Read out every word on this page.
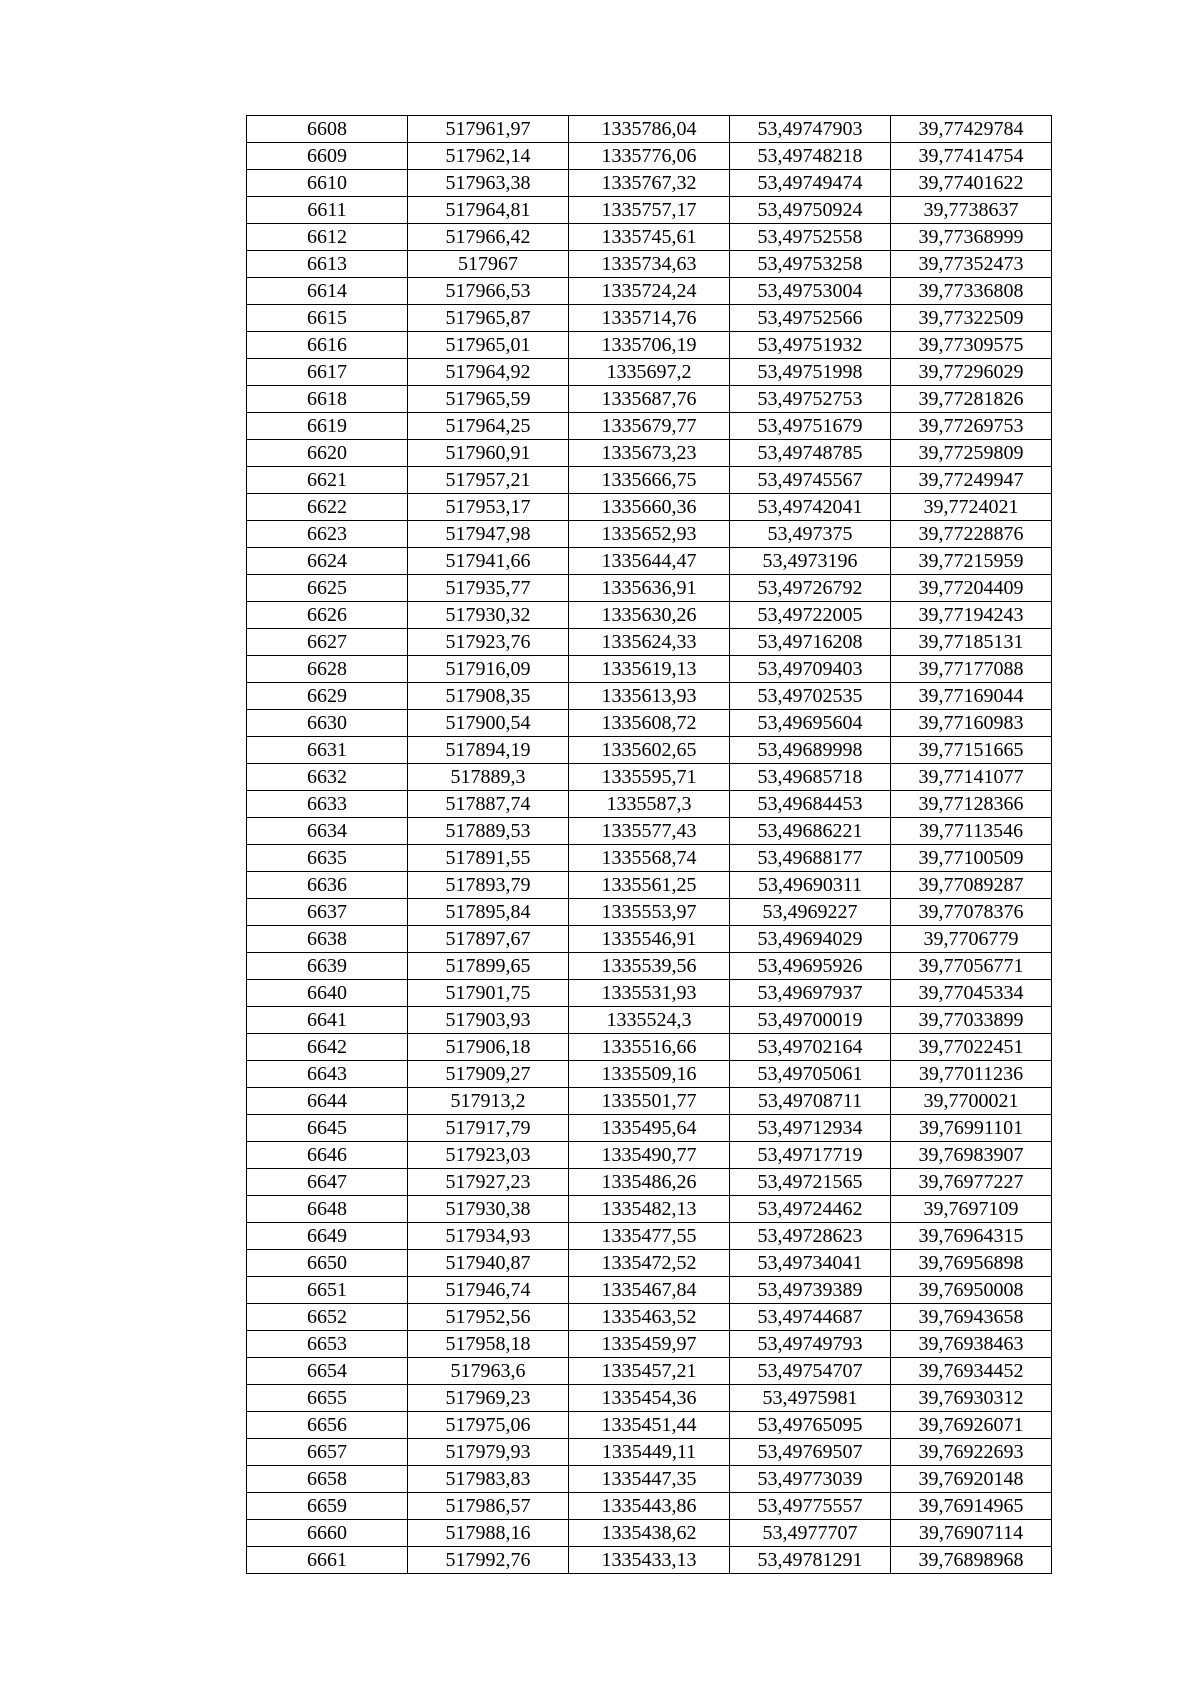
6608	517961,97	1335786,04	53,49747903	39,77429784
6609	517962,14	1335776,06	53,49748218	39,77414754
6610	517963,38	1335767,32	53,49749474	39,77401622
6611	517964,81	1335757,17	53,49750924	39,7738637
6612	517966,42	1335745,61	53,49752558	39,77368999
6613	517967	1335734,63	53,49753258	39,77352473
6614	517966,53	1335724,24	53,49753004	39,77336808
6615	517965,87	1335714,76	53,49752566	39,77322509
6616	517965,01	1335706,19	53,49751932	39,77309575
6617	517964,92	1335697,2	53,49751998	39,77296029
6618	517965,59	1335687,76	53,49752753	39,77281826
6619	517964,25	1335679,77	53,49751679	39,77269753
6620	517960,91	1335673,23	53,49748785	39,77259809
6621	517957,21	1335666,75	53,49745567	39,77249947
6622	517953,17	1335660,36	53,49742041	39,7724021
6623	517947,98	1335652,93	53,497375	39,77228876
6624	517941,66	1335644,47	53,4973196	39,77215959
6625	517935,77	1335636,91	53,49726792	39,77204409
6626	517930,32	1335630,26	53,49722005	39,77194243
6627	517923,76	1335624,33	53,49716208	39,77185131
6628	517916,09	1335619,13	53,49709403	39,77177088
6629	517908,35	1335613,93	53,49702535	39,77169044
6630	517900,54	1335608,72	53,49695604	39,77160983
6631	517894,19	1335602,65	53,49689998	39,77151665
6632	517889,3	1335595,71	53,49685718	39,77141077
6633	517887,74	1335587,3	53,49684453	39,77128366
6634	517889,53	1335577,43	53,49686221	39,77113546
6635	517891,55	1335568,74	53,49688177	39,77100509
6636	517893,79	1335561,25	53,49690311	39,77089287
6637	517895,84	1335553,97	53,4969227	39,77078376
6638	517897,67	1335546,91	53,49694029	39,7706779
6639	517899,65	1335539,56	53,49695926	39,77056771
6640	517901,75	1335531,93	53,49697937	39,77045334
6641	517903,93	1335524,3	53,49700019	39,77033899
6642	517906,18	1335516,66	53,49702164	39,77022451
6643	517909,27	1335509,16	53,49705061	39,77011236
6644	517913,2	1335501,77	53,49708711	39,7700021
6645	517917,79	1335495,64	53,49712934	39,76991101
6646	517923,03	1335490,77	53,49717719	39,76983907
6647	517927,23	1335486,26	53,49721565	39,76977227
6648	517930,38	1335482,13	53,49724462	39,7697109
6649	517934,93	1335477,55	53,49728623	39,76964315
6650	517940,87	1335472,52	53,49734041	39,76956898
6651	517946,74	1335467,84	53,49739389	39,76950008
6652	517952,56	1335463,52	53,49744687	39,76943658
6653	517958,18	1335459,97	53,49749793	39,76938463
6654	517963,6	1335457,21	53,49754707	39,76934452
6655	517969,23	1335454,36	53,4975981	39,76930312
6656	517975,06	1335451,44	53,49765095	39,76926071
6657	517979,93	1335449,11	53,49769507	39,76922693
6658	517983,83	1335447,35	53,49773039	39,76920148
6659	517986,57	1335443,86	53,49775557	39,76914965
6660	517988,16	1335438,62	53,4977707	39,76907114
6661	517992,76	1335433,13	53,49781291	39,76898968
